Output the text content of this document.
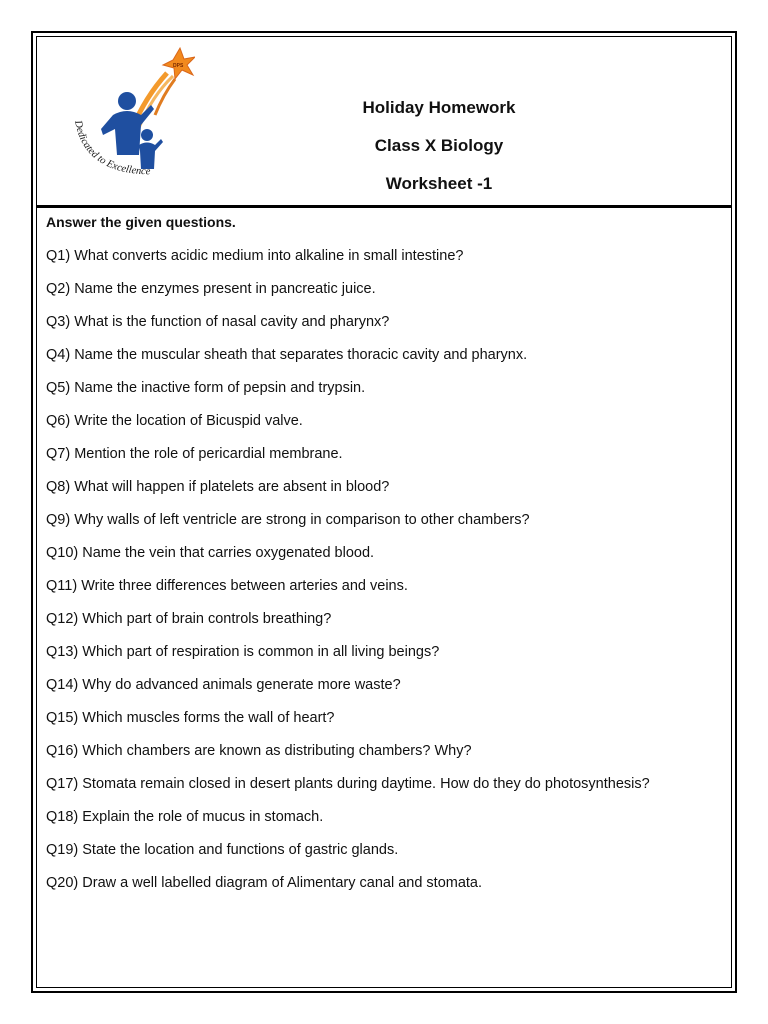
DPS
Dedicated to Excellence
Holiday Homework
Class X Biology
Worksheet -1
Answer the given questions.
Q1) What converts acidic medium into alkaline in small intestine?
Q2) Name the enzymes present in pancreatic juice.
Q3) What is the function of nasal cavity and pharynx?
Q4) Name the muscular sheath that separates thoracic cavity and pharynx.
Q5) Name the inactive form of pepsin and trypsin.
Q6) Write the location of Bicuspid valve.
Q7) Mention the role of pericardial membrane.
Q8) What will happen if platelets are absent in blood?
Q9) Why walls of left ventricle are strong in comparison to other chambers?
Q10) Name the vein that carries oxygenated blood.
Q11) Write three differences between arteries and veins.
Q12) Which part of brain controls breathing?
Q13) Which part of respiration is common in all living beings?
Q14) Why do advanced animals generate more waste?
Q15) Which muscles forms the wall of heart?
Q16) Which chambers are known as distributing chambers? Why?
Q17) Stomata remain closed in desert plants during daytime. How do they do photosynthesis?
Q18) Explain the role of mucus in stomach.
Q19) State the location and functions of gastric glands.
Q20) Draw a well labelled diagram of Alimentary canal and stomata.
